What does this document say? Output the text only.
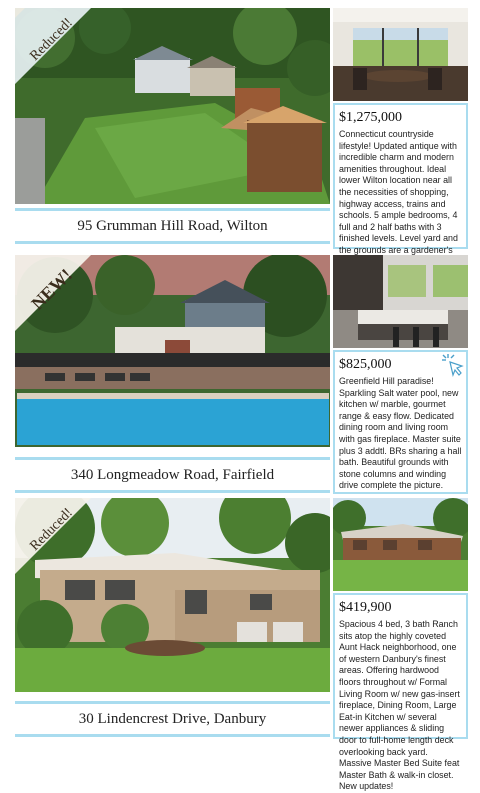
Reduced!
$1,275,000
Connecticut countryside lifestyle! Updated antique with incredible charm and modern amenities throughout. Ideal lower Wilton location near all the necessities of shopping, highway access, trains and schools. 5 ample bedrooms, 4 full and 2 half baths with 3 finished levels. Level yard and the grounds are a gardener's
95 Grumman Hill Road, Wilton
NEW!
$825,000
Greenfield Hill paradise! Sparkling Salt water pool, new kitchen w/ marble, gourmet range & easy flow. Dedicated dining room and living room with gas fireplace. Master suite plus 3 addtl. BRs sharing a hall bath. Beautiful grounds with stone columns and winding drive complete the picture.
340 Longmeadow Road, Fairfield
Reduced!
$419,900
Spacious 4 bed, 3 bath Ranch sits atop the highly coveted Aunt Hack neighborhood, one of western Danbury's finest areas. Offering hardwood floors throughout w/ Formal Living Room w/ new gas-insert fireplace, Dining Room, Large Eat-in Kitchen w/ several newer appliances & sliding door to full-home length deck overlooking back yard. Massive Master Bed Suite feat Master Bath & walk-in closet. New updates!
30 Lindencrest Drive, Danbury
